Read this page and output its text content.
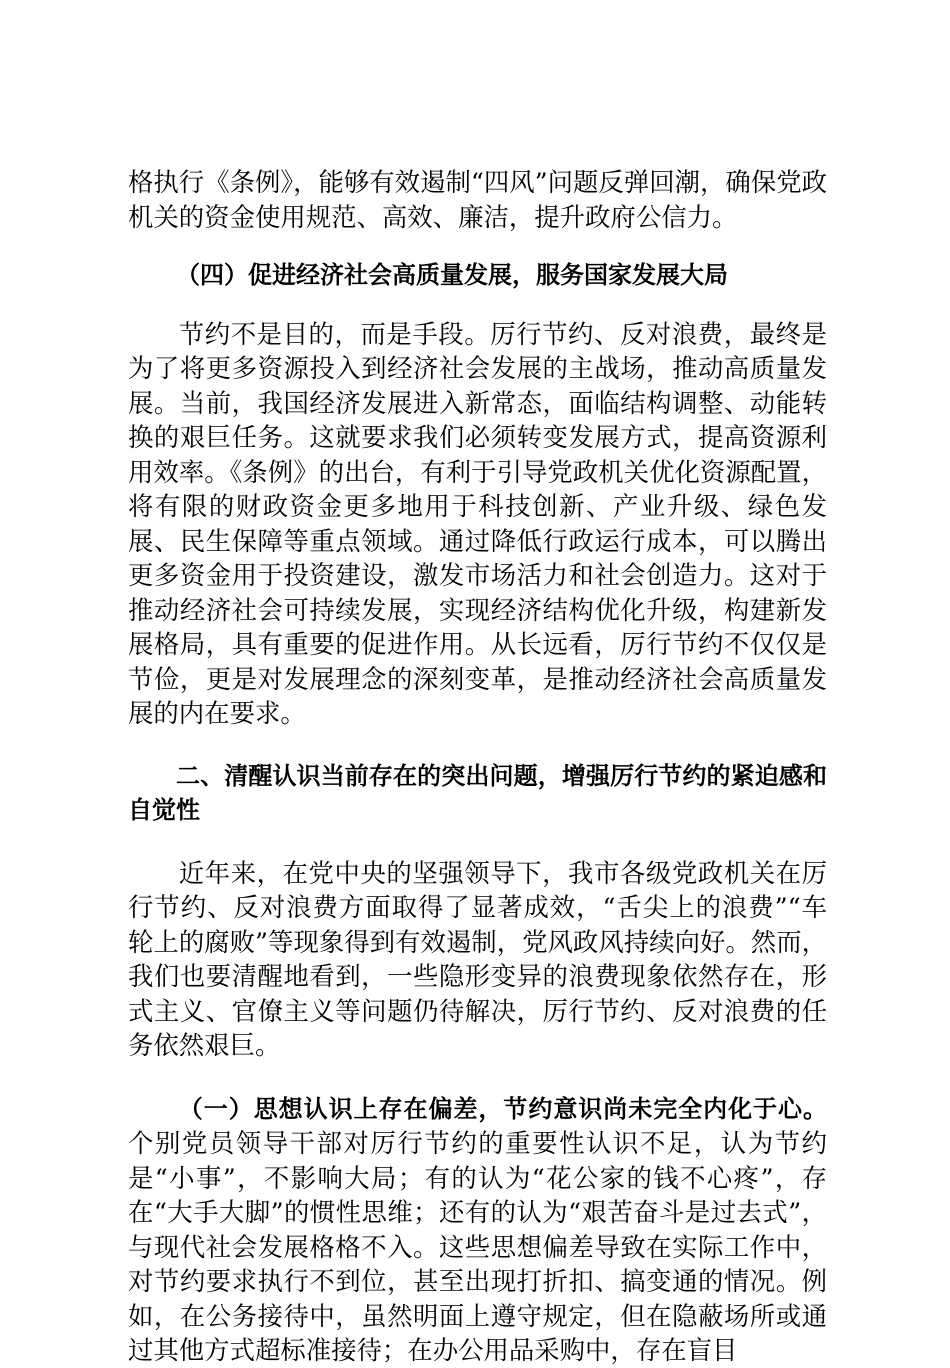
格执行《条例》，能够有效遏制“四风”问题反弹回潮，确保党政机关的资金使用规范、高效、廉洁，提升政府公信力。

（四）促进经济社会高质量发展，服务国家发展大局

节约不是目的，而是手段。厉行节约、反对浪费，最终是为了将更多资源投入到经济社会发展的主战场，推动高质量发展。当前，我国经济发展进入新常态，面临结构调整、动能转换的艰巨任务。这就要求我们必须转变发展方式，提高资源利用效率。《条例》的出台，有利于引导党政机关优化资源配置，将有限的财政资金更多地用于科技创新、产业升级、绿色发展、民生保障等重点领域。通过降低行政运行成本，可以腾出更多资金用于投资建设，激发市场活力和社会创造力。这对于推动经济社会可持续发展，实现经济结构优化升级，构建新发展格局，具有重要的促进作用。从长远看，厉行节约不仅仅是节俭，更是对发展理念的深刻变革，是推动经济社会高质量发展的内在要求。

二、清醒认识当前存在的突出问题，增强厉行节约的紧迫感和自觉性

近年来，在党中央的坚强领导下，我市各级党政机关在厉行节约、反对浪费方面取得了显著成效，“舌尖上的浪费”“车轮上的腐败”等现象得到有效遏制，党风政风持续向好。然而，我们也要清醒地看到，一些隐形变异的浪费现象依然存在，形式主义、官僚主义等问题仍待解决，厉行节约、反对浪费的任务依然艰巨。

（一）思想认识上存在偏差，节约意识尚未完全内化于心。个别党员领导干部对厉行节约的重要性认识不足，认为节约是“小事”，不影响大局；有的认为“花公家的钱不心疼”，存在“大手大脚”的惯性思维；还有的认为“艰苦奋斗是过去式”，与现代社会发展格格不入。这些思想偏差导致在实际工作中，对节约要求执行不到位，甚至出现打折扣、搞变通的情况。例如，在公务接待中，虽然明面上遵守规定，但在隐蔽场所或通过其他方式超标准接待；在办公用品采购中，存在盲目
